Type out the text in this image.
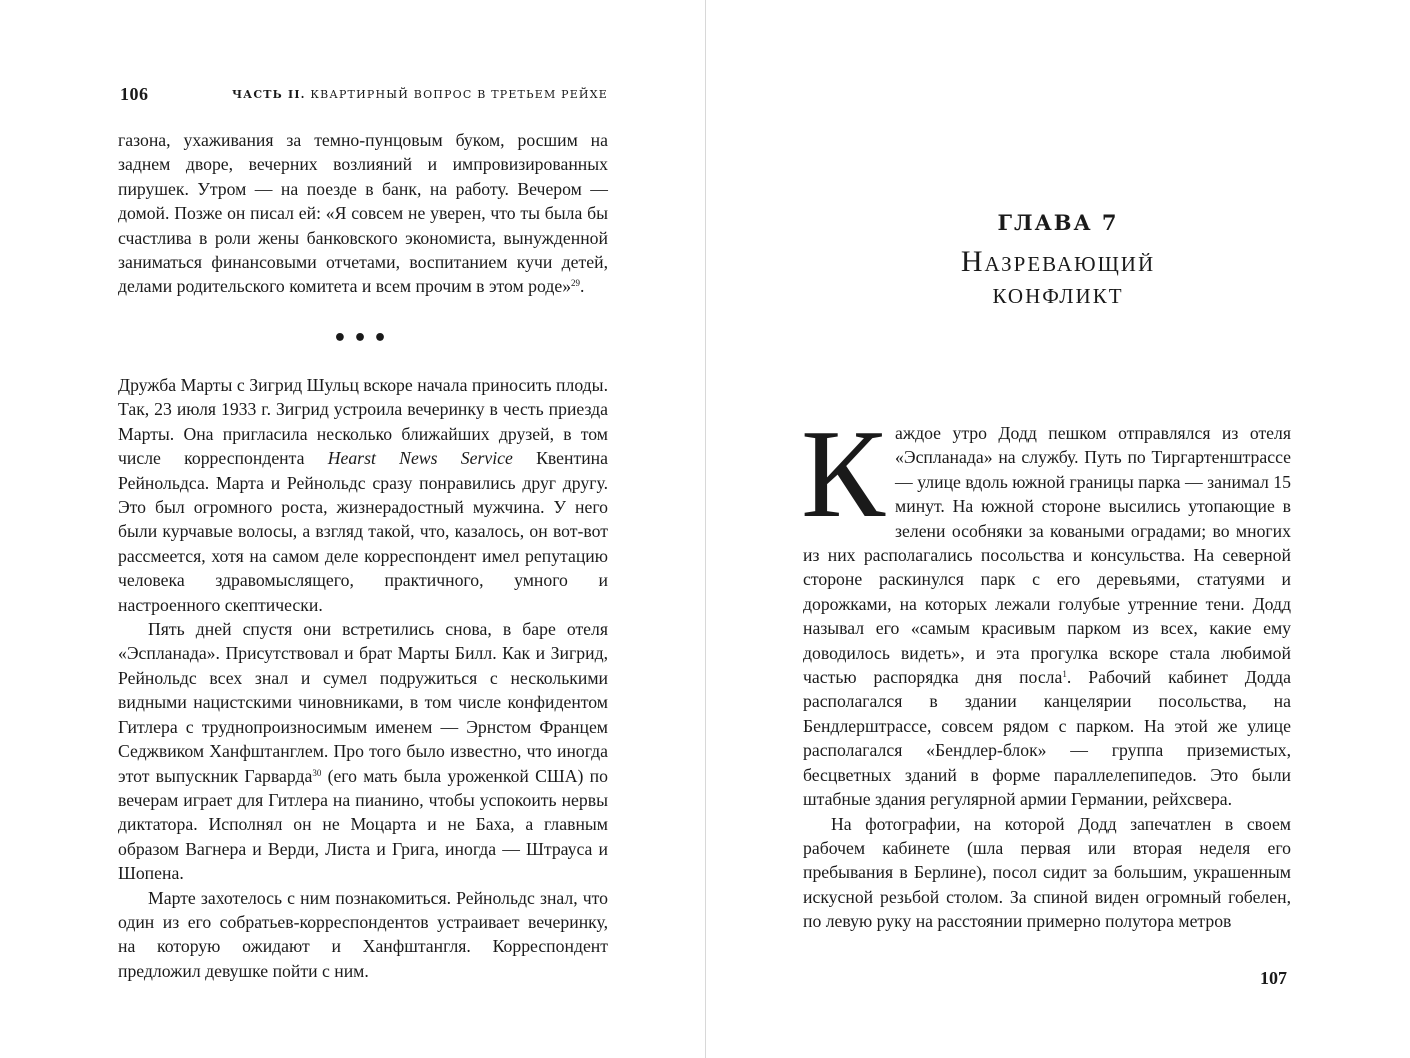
106	ЧАСТЬ II. КВАРТИРНЫЙ ВОПРОС В ТРЕТЬЕМ РЕЙХЕ

газона, ухаживания за темно-пунцовым буком, росшим на заднем дворе, вечерних возлияний и импровизированных пирушек. Утром — на поезде в банк, на работу. Вечером — домой. Позже он писал ей: «Я совсем не уверен, что ты была бы счастлива в роли жены банковского экономиста, вынужденной заниматься финансовыми отчетами, воспитанием кучи детей, делами родительского комитета и всем прочим в этом роде»$^{29}$.

•••

Дружба Марты с Зигрид Шульц вскоре начала приносить плоды. Так, 23 июля 1933 г. Зигрид устроила вечеринку в честь приезда Марты. Она пригласила несколько ближайших друзей, в том числе корреспондента Hearst News Service Квентина Рейнольдса. Марта и Рейнольдс сразу понравились друг другу. Это был огромного роста, жизнерадостный мужчина. У него были курчавые волосы, а взгляд такой, что, казалось, он вот-вот рассмеется, хотя на самом деле корреспондент имел репутацию человека здравомыслящего, практичного, умного и настроенного скептически.

Пять дней спустя они встретились снова, в баре отеля «Эспланада». Присутствовал и брат Марты Билл. Как и Зигрид, Рейнольдс всех знал и сумел подружиться с несколькими видными нацистскими чиновниками, в том числе конфидентом Гитлера с труднопроизносимым именем — Эрнстом Францем Седжвиком Ханфштанглем. Про того было известно, что иногда этот выпускник Гарварда$^{30}$ (его мать была уроженкой США) по вечерам играет для Гитлера на пианино, чтобы успокоить нервы диктатора. Исполнял он не Моцарта и не Баха, а главным образом Вагнера и Верди, Листа и Грига, иногда — Штрауса и Шопена.

Марте захотелось с ним познакомиться. Рейнольдс знал, что один из его собратьев-корреспондентов устраивает вечеринку, на которую ожидают и Ханфштангля. Корреспондент предложил девушке пойти с ним.

ГЛАВА 7
Назревающий
конфликт

Каждое утро Додд пешком отправлялся из отеля «Эспланада» на службу. Путь по Тиргартенштрассе — улице вдоль южной границы парка — занимал 15 минут. На южной стороне высились утопающие в зелени особняки за коваными оградами; во многих из них располагались посольства и консульства. На северной стороне раскинулся парк с его деревьями, статуями и дорожками, на которых лежали голубые утренние тени. Додд называл его «самым красивым парком из всех, какие ему доводилось видеть», и эта прогулка вскоре стала любимой частью распорядка дня посла$^1$. Рабочий кабинет Додда располагался в здании канцелярии посольства, на Бендлерштрассе, совсем рядом с парком. На этой же улице располагался «Бендлер-блок» — группа приземистых, бесцветных зданий в форме параллелепипедов. Это были штабные здания регулярной армии Германии, рейхсвера.

На фотографии, на которой Додд запечатлен в своем рабочем кабинете (шла первая или вторая неделя его пребывания в Берлине), посол сидит за большим, украшенным искусной резьбой столом. За спиной виден огромный гобелен, по левую руку на расстоянии примерно полутора метров

107
